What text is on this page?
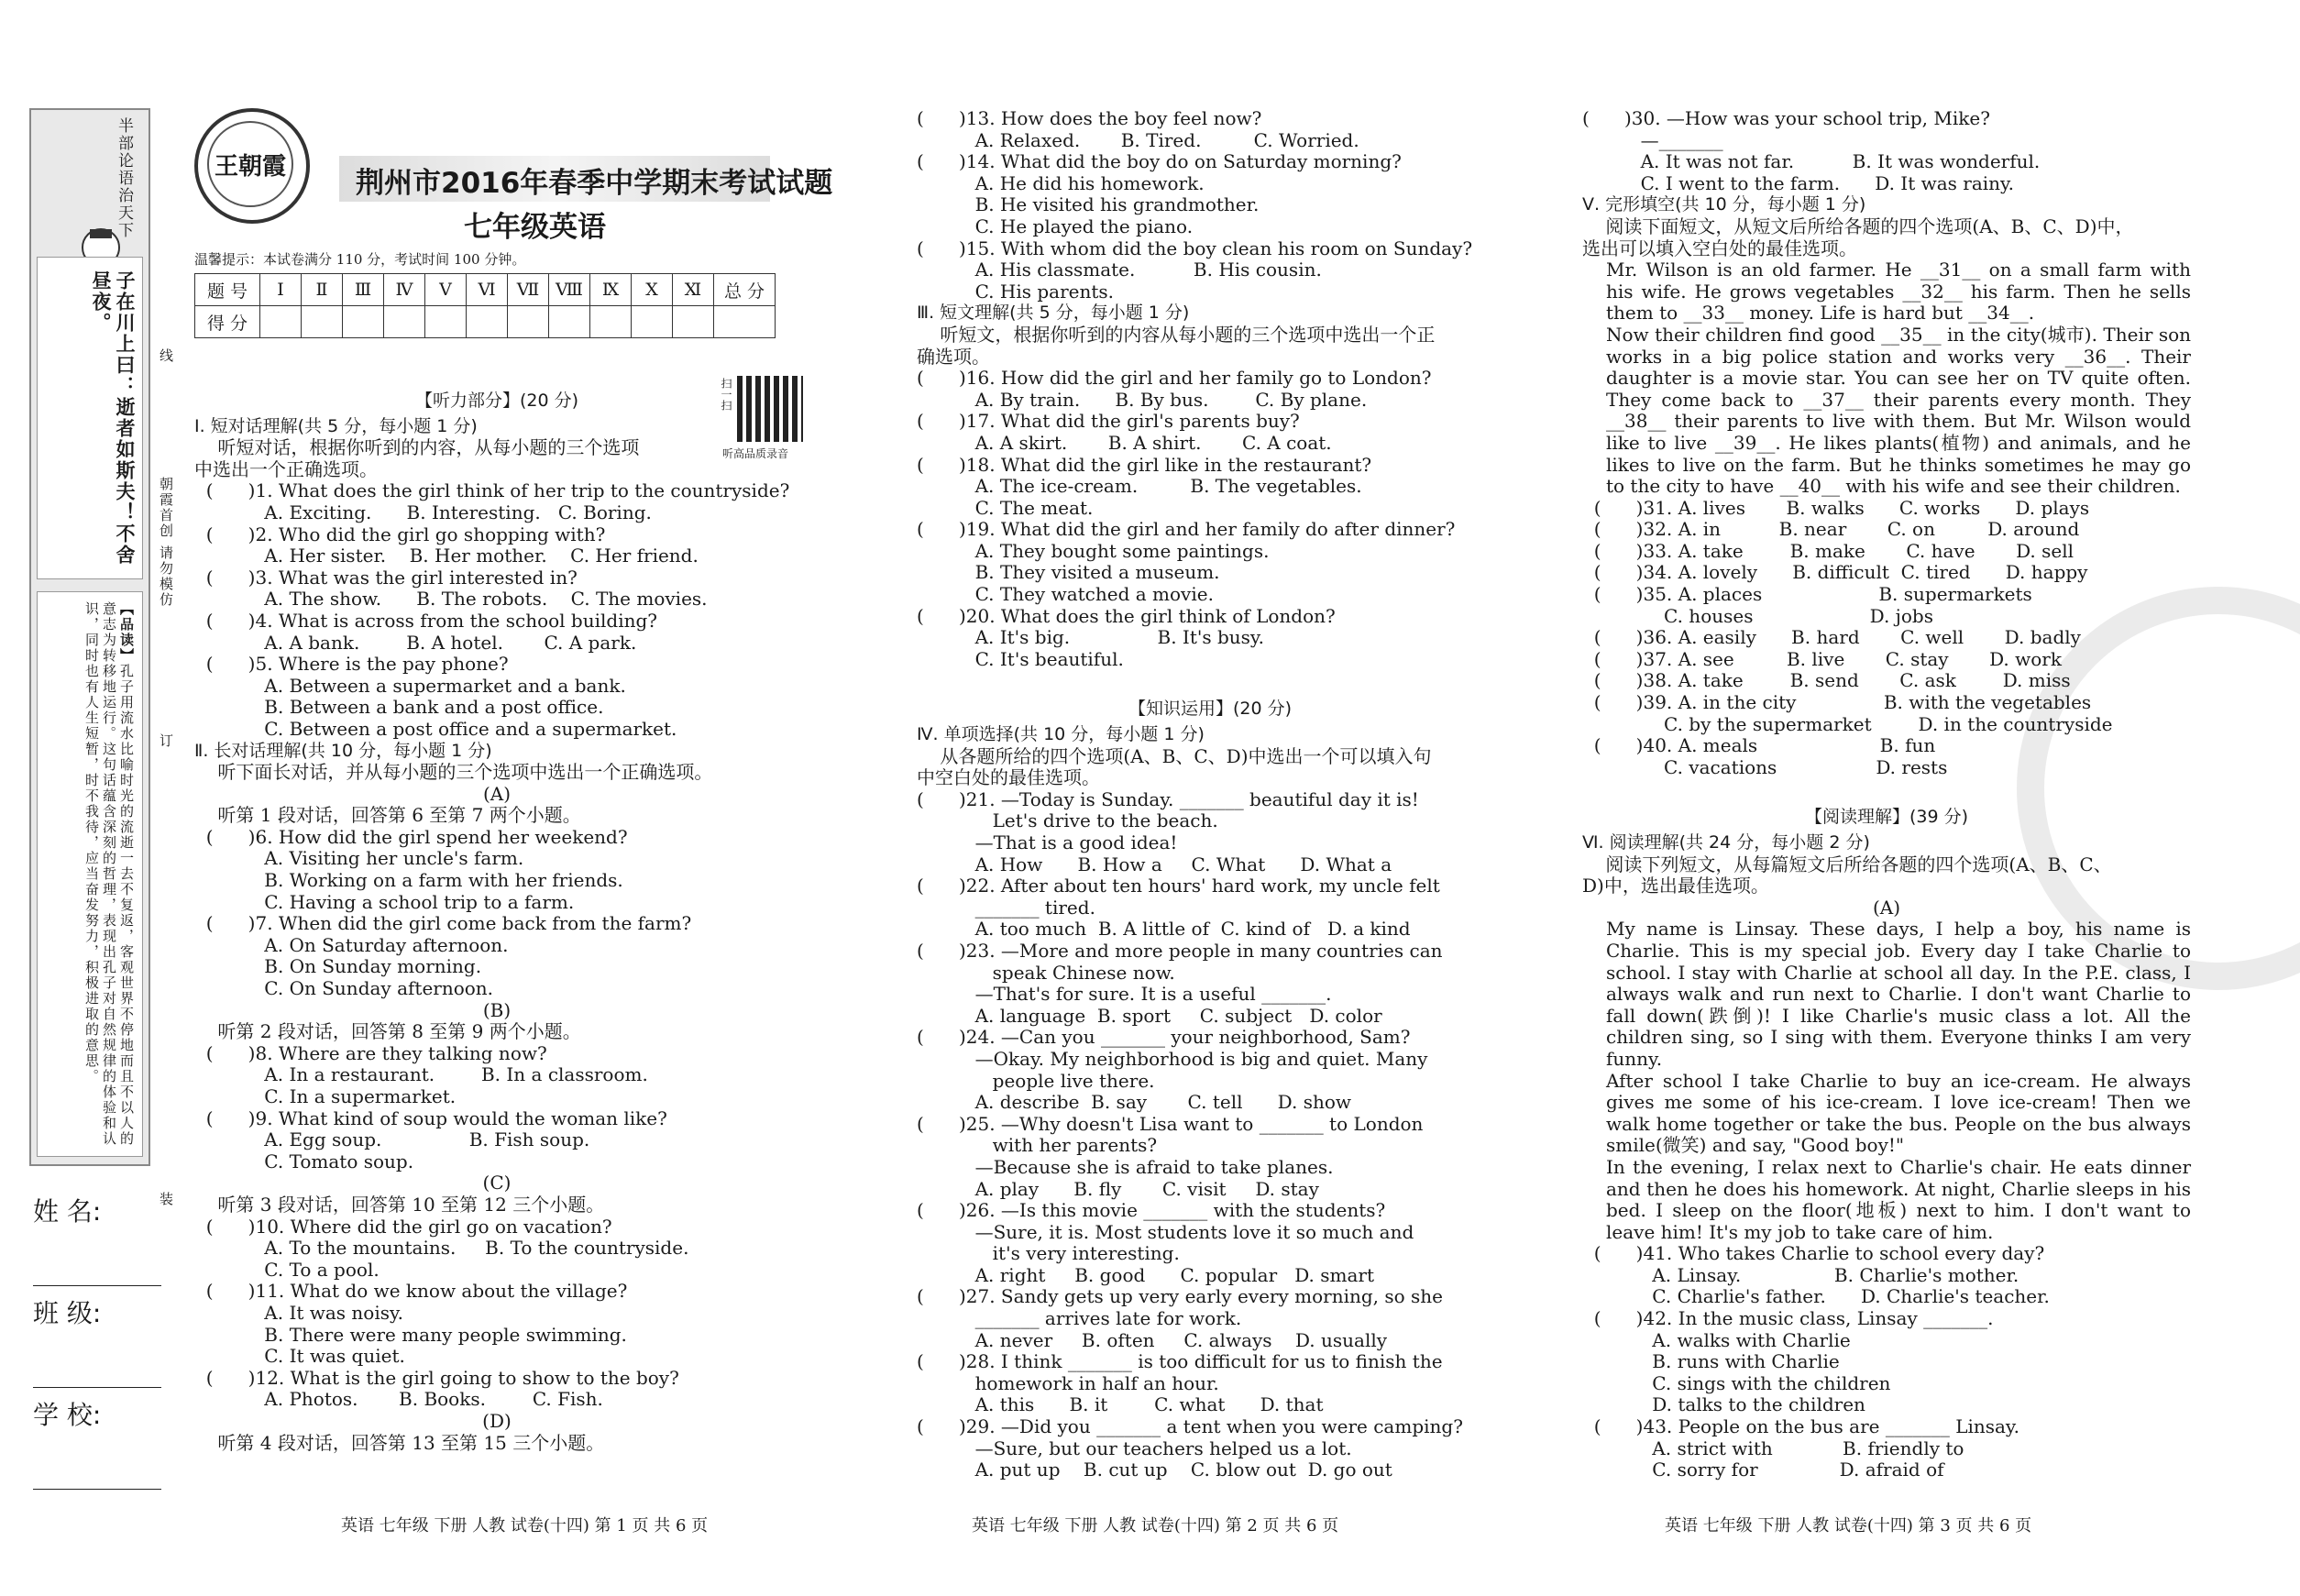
半部论语治天下
子在川上曰：逝者如斯夫！不舍昼夜。
【品读】孔子用流水比喻时光的流逝一去不复返，客观世界不停地而且不以人的意志为转移地运行。这句话蕴含深刻的哲理，表现出孔子对自然规律的体验和认识，同时也有人生短暂，时不我待，应当奋发努力，积极进取的意思。
线
朝霞首创 请勿模仿
订
装
姓 名:
班 级:
学 校:
王朝霞
荆州市2016年春季中学期末考试试题
七年级英语
温馨提示：本试卷满分 110 分，考试时间 100 分钟。
题 号	Ⅰ	Ⅱ	Ⅲ	Ⅳ	Ⅴ	Ⅵ	Ⅶ	Ⅷ	Ⅸ	Ⅹ	Ⅺ	总 分
得 分												
扫一扫
听高品质录音

【听力部分】(20 分)

Ⅰ. 短对话理解(共 5 分，每小题 1 分)

听短对话，根据你听到的内容，从每小题的三个选项

中选出一个正确选项。

(      )1. What does the girl think of her trip to the countryside?

A. Exciting.      B. Interesting.   C. Boring.

(      )2. Who did the girl go shopping with?

A. Her sister.    B. Her mother.    C. Her friend.

(      )3. What was the girl interested in?

A. The show.      B. The robots.    C. The movies.

(      )4. What is across from the school building?

A. A bank.        B. A hotel.       C. A park.

(      )5. Where is the pay phone?

A. Between a supermarket and a bank.

B. Between a bank and a post office.

C. Between a post office and a supermarket.

Ⅱ. 长对话理解(共 10 分，每小题 1 分)

听下面长对话，并从每小题的三个选项中选出一个正确选项。

(A)

听第 1 段对话，回答第 6 至第 7 两个小题。

(      )6. How did the girl spend her weekend?

A. Visiting her uncle's farm.

B. Working on a farm with her friends.

C. Having a school trip to a farm.

(      )7. When did the girl come back from the farm?

A. On Saturday afternoon.

B. On Sunday morning.

C. On Sunday afternoon.

(B)

听第 2 段对话，回答第 8 至第 9 两个小题。

(      )8. Where are they talking now?

A. In a restaurant.        B. In a classroom.

C. In a supermarket.

(      )9. What kind of soup would the woman like?

A. Egg soup.               B. Fish soup.

C. Tomato soup.

(C)

听第 3 段对话，回答第 10 至第 12 三个小题。

(      )10. Where did the girl go on vacation?

A. To the mountains.     B. To the countryside.

C. To a pool.

(      )11. What do we know about the village?

A. It was noisy.

B. There were many people swimming.

C. It was quiet.

(      )12. What is the girl going to show to the boy?

A. Photos.       B. Books.        C. Fish.

(D)

听第 4 段对话，回答第 13 至第 15 三个小题。

(      )13. How does the boy feel now?

A. Relaxed.       B. Tired.         C. Worried.

(      )14. What did the boy do on Saturday morning?

A. He did his homework.

B. He visited his grandmother.

C. He played the piano.

(      )15. With whom did the boy clean his room on Sunday?

A. His classmate.          B. His cousin.

C. His parents.

Ⅲ. 短文理解(共 5 分，每小题 1 分)

听短文，根据你听到的内容从每小题的三个选项中选出一个正

确选项。

(      )16. How did the girl and her family go to London?

A. By train.      B. By bus.        C. By plane.

(      )17. What did the girl's parents buy?

A. A skirt.       B. A shirt.       C. A coat.

(      )18. What did the girl like in the restaurant?

A. The ice-cream.         B. The vegetables.

C. The meat.

(      )19. What did the girl and her family do after dinner?

A. They bought some paintings.

B. They visited a museum.

C. They watched a movie.

(      )20. What does the girl think of London?

A. It's big.               B. It's busy.

C. It's beautiful.

【知识运用】(20 分)

Ⅳ. 单项选择(共 10 分，每小题 1 分)

从各题所给的四个选项(A、B、C、D)中选出一个可以填入句

中空白处的最佳选项。

(      )21. —Today is Sunday. _______ beautiful day it is!

Let's drive to the beach.

—That is a good idea!

A. How      B. How a     C. What      D. What a

(      )22. After about ten hours' hard work, my uncle felt

_______ tired.

A. too much  B. A little of  C. kind of   D. a kind

(      )23. —More and more people in many countries can

speak Chinese now.

—That's for sure. It is a useful _______.

A. language  B. sport     C. subject   D. color

(      )24. —Can you _______ your neighborhood, Sam?

—Okay. My neighborhood is big and quiet. Many

people live there.

A. describe  B. say       C. tell      D. show

(      )25. —Why doesn't Lisa want to _______ to London

with her parents?

—Because she is afraid to take planes.

A. play      B. fly       C. visit     D. stay

(      )26. —Is this movie _______ with the students?

—Sure, it is. Most students love it so much and

it's very interesting.

A. right     B. good      C. popular   D. smart

(      )27. Sandy gets up very early every morning, so she

_______ arrives late for work.

A. never     B. often     C. always    D. usually

(      )28. I think _______ is too difficult for us to finish the

homework in half an hour.

A. this      B. it        C. what      D. that

(      )29. —Did you _______ a tent when you were camping?

—Sure, but our teachers helped us a lot.

A. put up    B. cut up    C. blow out  D. go out

(      )30. —How was your school trip, Mike?

—_______

A. It was not far.          B. It was wonderful.

C. I went to the farm.      D. It was rainy.

Ⅴ. 完形填空(共 10 分，每小题 1 分)

阅读下面短文，从短文后所给各题的四个选项(A、B、C、D)中，

选出可以填入空白处的最佳选项。

Mr. Wilson is an old farmer. He __31__ on a small farm with his wife. He grows vegetables __32__ his farm. Then he sells them to __33__ money. Life is hard but __34__.

Now their children find good __35__ in the city(城市). Their son works in a big police station and works very __36__. Their daughter is a movie star. You can see her on TV quite often. They come back to __37__ their parents every month. They __38__ their parents to live with them. But Mr. Wilson would like to live __39__. He likes plants(植物) and animals, and he likes to live on the farm. But he thinks sometimes he may go to the city to have __40__ with his wife and see their children.

(      )31. A. lives       B. walks      C. works      D. plays

(      )32. A. in          B. near       C. on         D. around

(      )33. A. take        B. make       C. have       D. sell

(      )34. A. lovely      B. difficult  C. tired      D. happy

(      )35. A. places                    B. supermarkets

C. houses                    D. jobs

(      )36. A. easily      B. hard       C. well       D. badly

(      )37. A. see         B. live       C. stay       D. work

(      )38. A. take        B. send       C. ask        D. miss

(      )39. A. in the city               B. with the vegetables

C. by the supermarket        D. in the countryside

(      )40. A. meals                     B. fun

C. vacations                 D. rests

【阅读理解】(39 分)

Ⅵ. 阅读理解(共 24 分，每小题 2 分)

阅读下列短文，从每篇短文后所给各题的四个选项(A、B、C、

D)中，选出最佳选项。

(A)

My name is Linsay. These days, I help a boy, his name is Charlie. This is my special job. Every day I take Charlie to school. I stay with Charlie at school all day. In the P.E. class, I always walk and run next to Charlie. I don't want Charlie to fall down(跌倒)! I like Charlie's music class a lot. All the children sing, so I sing with them. Everyone thinks I am very funny.

After school I take Charlie to buy an ice-cream. He always gives me some of his ice-cream. I love ice-cream! Then we walk home together or take the bus. People on the bus always smile(微笑) and say, "Good boy!"

In the evening, I relax next to Charlie's chair. He eats dinner and then he does his homework. At night, Charlie sleeps in his bed. I sleep on the floor(地板) next to him. I don't want to leave him! It's my job to take care of him.

(      )41. Who takes Charlie to school every day?

A. Linsay.                B. Charlie's mother.

C. Charlie's father.      D. Charlie's teacher.

(      )42. In the music class, Linsay _______.

A. walks with Charlie

B. runs with Charlie

C. sings with the children

D. talks to the children

(      )43. People on the bus are _______ Linsay.

A. strict with            B. friendly to

C. sorry for              D. afraid of

英语 七年级 下册 人教 试卷(十四) 第 1 页 共 6 页	英语 七年级 下册 人教 试卷(十四) 第 2 页 共 6 页	英语 七年级 下册 人教 试卷(十四) 第 3 页 共 6 页
